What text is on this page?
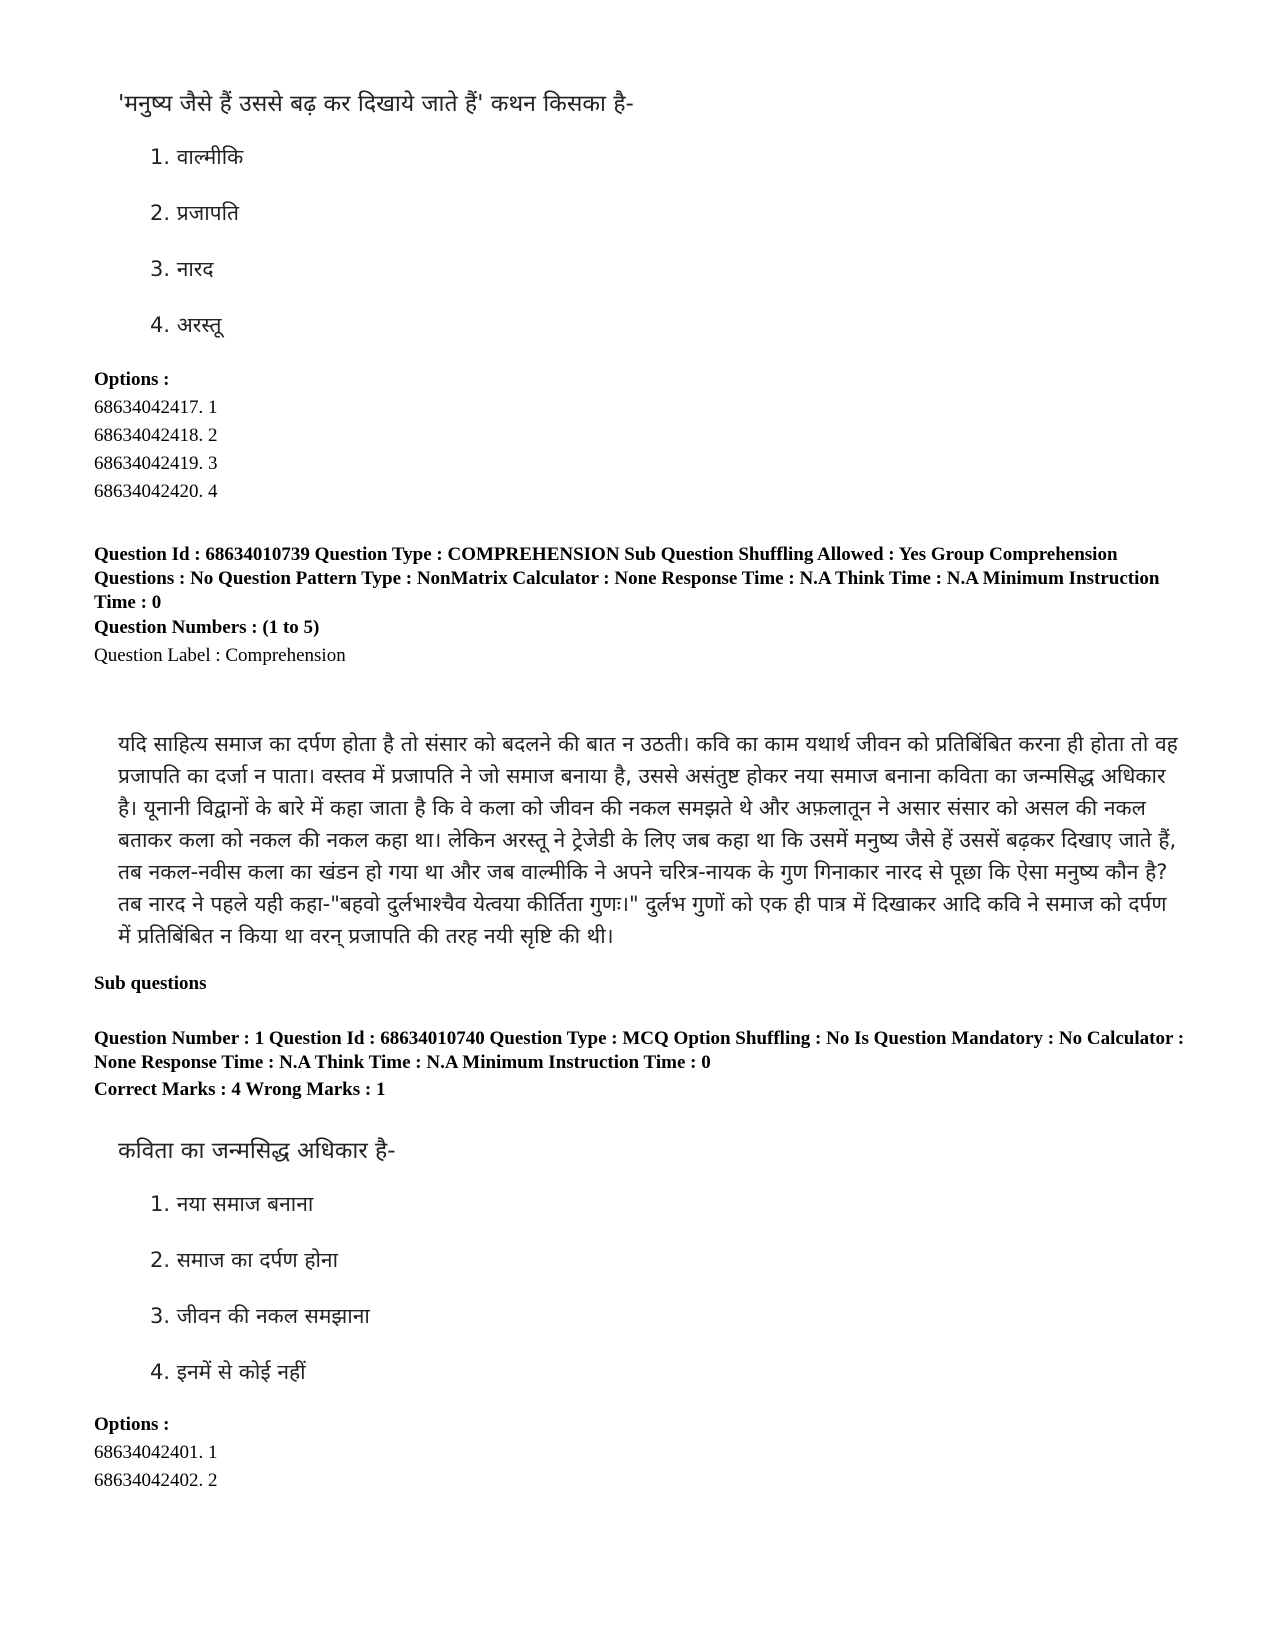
'मनुष्य जैसे हैं उससे बढ़ कर दिखाये जाते हैं' कथन किसका है-
1. वाल्मीकि
2. प्रजापति
3. नारद
4. अरस्तू
Options :
68634042417. 1
68634042418. 2
68634042419. 3
68634042420. 4
Question Id : 68634010739 Question Type : COMPREHENSION Sub Question Shuffling Allowed : Yes Group Comprehension Questions : No Question Pattern Type : NonMatrix Calculator : None Response Time : N.A Think Time : N.A Minimum Instruction Time : 0
Question Numbers : (1 to 5)
Question Label : Comprehension
यदि साहित्य समाज का दर्पण होता है तो संसार को बदलने की बात न उठती। कवि का काम यथार्थ जीवन को प्रतिबिंबित करना ही होता तो वह प्रजापति का दर्जा न पाता। वस्तव में प्रजापति ने जो समाज बनाया है, उससे असंतुष्ट होकर नया समाज बनाना कविता का जन्मसिद्ध अधिकार है। यूनानी विद्वानों के बारे में कहा जाता है कि वे कला को जीवन की नकल समझते थे और अफ़लातून ने असार संसार को असल की नकल बताकर कला को नकल की नकल कहा था। लेकिन अरस्तू ने ट्रेजेडी के लिए जब कहा था कि उसमें मनुष्य जैसे हें उससें बढ़कर दिखाए जाते हैं, तब नकल-नवीस कला का खंडन हो गया था और जब वाल्मीकि ने अपने चरित्र-नायक के गुण गिनाकार नारद से पूछा कि ऐसा मनुष्य कौन है? तब नारद ने पहले यही कहा-"बहवो दुर्लभाश्चैव येत्वया कीर्तिता गुणः।" दुर्लभ गुणों को एक ही पात्र में दिखाकर आदि कवि ने समाज को दर्पण में प्रतिबिंबित न किया था वरन् प्रजापति की तरह नयी सृष्टि की थी।
Sub questions
Question Number : 1 Question Id : 68634010740 Question Type : MCQ Option Shuffling : No Is Question Mandatory : No Calculator : None Response Time : N.A Think Time : N.A Minimum Instruction Time : 0
Correct Marks : 4 Wrong Marks : 1
कविता का जन्मसिद्ध अधिकार है-
1. नया समाज बनाना
2. समाज का दर्पण होना
3. जीवन की नकल समझाना
4. इनमें से कोई नहीं
Options :
68634042401. 1
68634042402. 2
